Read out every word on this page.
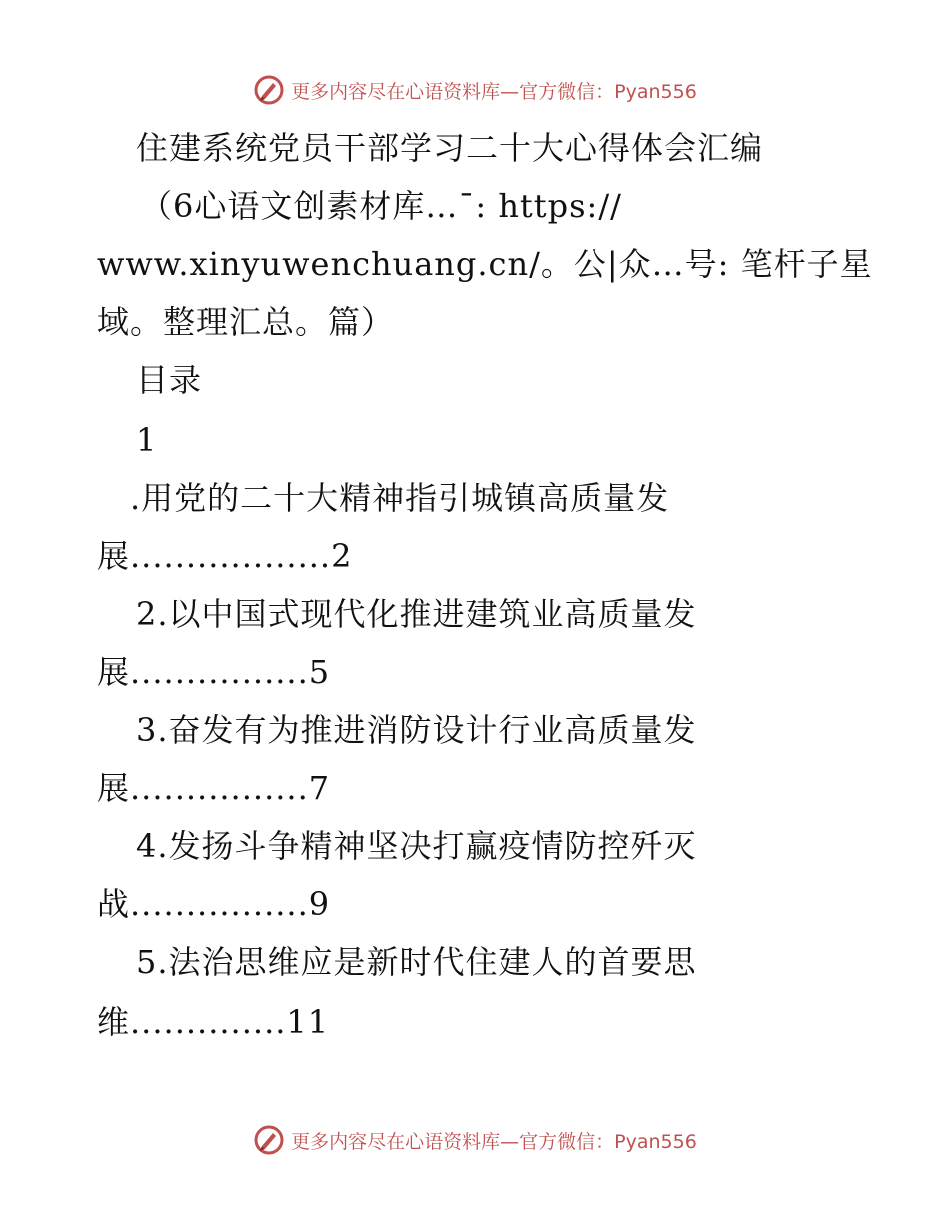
更多内容尽在心语资料库—官方微信：Pyan556
住建系统党员干部学习二十大心得体会汇编
（6心语文创素材库…¯: https://
www.xinyuwenchuang.cn/。公|众…号: 笔杆子星
域。整理汇总。篇）
目录
1
.用党的二十大精神指引城镇高质量发
展..................2
2.以中国式现代化推进建筑业高质量发
展................5
3.奋发有为推进消防设计行业高质量发
展................7
4.发扬斗争精神坚决打赢疫情防控歼灭
战................9
5.法治思维应是新时代住建人的首要思
维..............11
更多内容尽在心语资料库—官方微信：Pyan556
